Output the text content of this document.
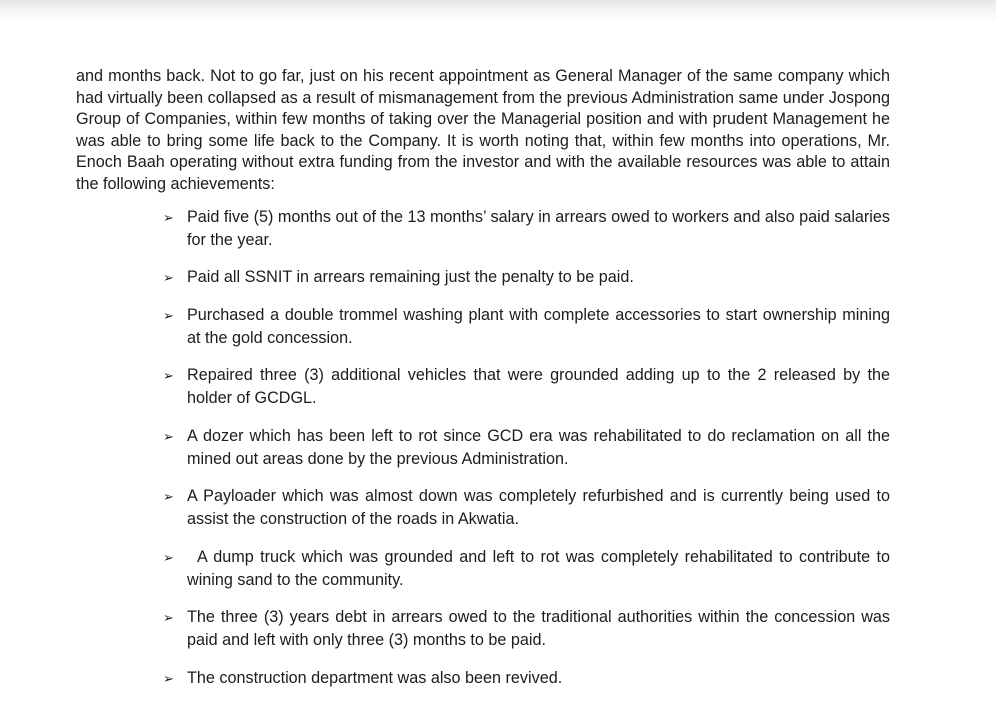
and months back. Not to go far, just on his recent appointment as General Manager of the same company which had virtually been collapsed as a result of mismanagement from the previous Administration same under Jospong Group of Companies, within few months of taking over the Managerial position and with prudent Management he was able to bring some life back to the Company. It is worth noting that, within few months into operations, Mr. Enoch Baah operating without extra funding from the investor and with the available resources was able to attain the following achievements:

➢ Paid five (5) months out of the 13 months’ salary in arrears owed to workers and also paid salaries for the year.
➢ Paid all SSNIT in arrears remaining just the penalty to be paid.
➢ Purchased a double trommel washing plant with complete accessories to start ownership mining at the gold concession.
➢ Repaired three (3) additional vehicles that were grounded adding up to the 2 released by the holder of GCDGL.
➢ A dozer which has been left to rot since GCD era was rehabilitated to do reclamation on all the mined out areas done by the previous Administration.
➢ A Payloader which was almost down was completely refurbished and is currently being used to assist the construction of the roads in Akwatia.
➢ A dump truck which was grounded and left to rot was completely rehabilitated to contribute to wining sand to the community.
➢ The three (3) years debt in arrears owed to the traditional authorities within the concession was paid and left with only three (3) months to be paid.
➢ The construction department was also been revived.
